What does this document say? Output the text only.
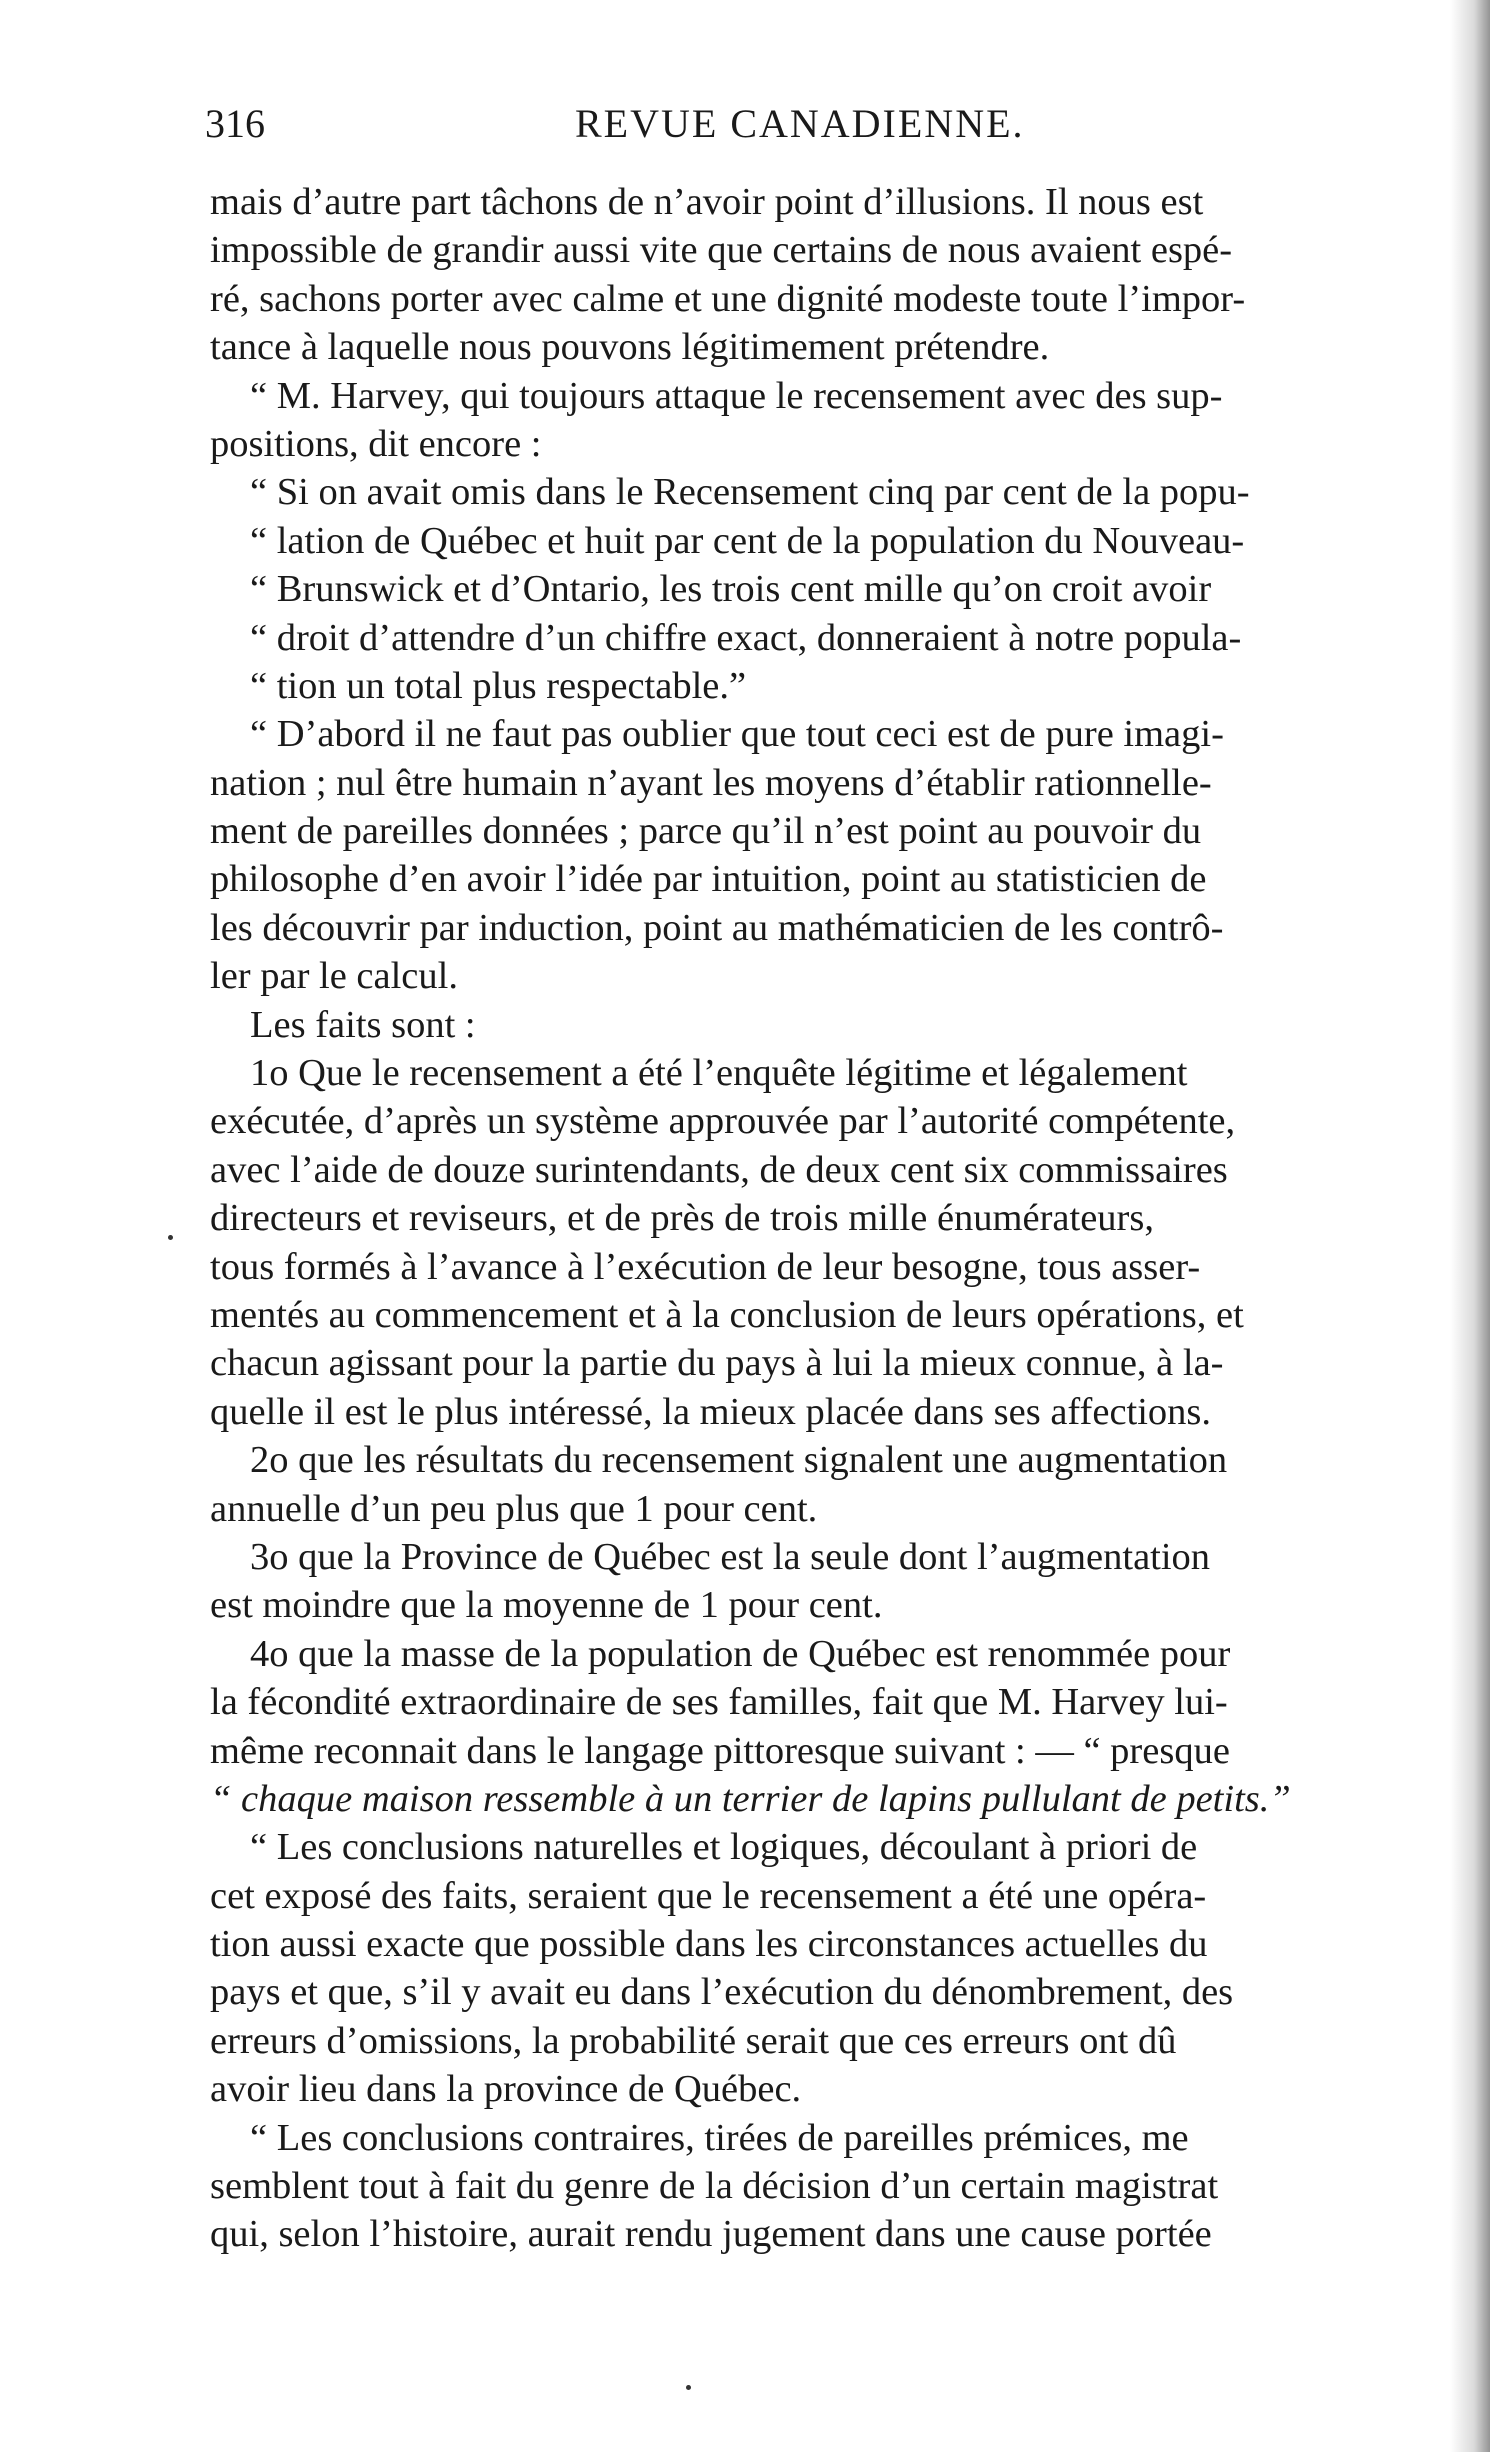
316	REVUE CANADIENNE.
mais d’autre part tâchons de n’avoir point d’illusions. Il nous est
impossible de grandir aussi vite que certains de nous avaient espé-
ré, sachons porter avec calme et une dignité modeste toute l’impor-
tance à laquelle nous pouvons légitimement prétendre.
“ M. Harvey, qui toujours attaque le recensement avec des sup-
positions, dit encore :
“ Si on avait omis dans le Recensement cinq par cent de la popu-
“ lation de Québec et huit par cent de la population du Nouveau-
“ Brunswick et d’Ontario, les trois cent mille qu’on croit avoir
“ droit d’attendre d’un chiffre exact, donneraient à notre popula-
“ tion un total plus respectable.”
“ D’abord il ne faut pas oublier que tout ceci est de pure imagi-
nation ; nul être humain n’ayant les moyens d’établir rationnelle-
ment de pareilles données ; parce qu’il n’est point au pouvoir du
philosophe d’en avoir l’idée par intuition, point au statisticien de
les découvrir par induction, point au mathématicien de les contrô-
ler par le calcul.
Les faits sont :
1o Que le recensement a été l’enquête légitime et légalement
exécutée, d’après un système approuvée par l’autorité compétente,
avec l’aide de douze surintendants, de deux cent six commissaires
directeurs et reviseurs, et de près de trois mille énumérateurs,
tous formés à l’avance à l’exécution de leur besogne, tous asser-
mentés au commencement et à la conclusion de leurs opérations, et
chacun agissant pour la partie du pays à lui la mieux connue, à la-
quelle il est le plus intéressé, la mieux placée dans ses affections.
2o que les résultats du recensement signalent une augmentation
annuelle d’un peu plus que 1 pour cent.
3o que la Province de Québec est la seule dont l’augmentation
est moindre que la moyenne de 1 pour cent.
4o que la masse de la population de Québec est renommée pour
la fécondité extraordinaire de ses familles, fait que M. Harvey lui-
même reconnait dans le langage pittoresque suivant : — “ presque
“ chaque maison ressemble à un terrier de lapins pullulant de petits.”
“ Les conclusions naturelles et logiques, découlant à priori de
cet exposé des faits, seraient que le recensement a été une opéra-
tion aussi exacte que possible dans les circonstances actuelles du
pays et que, s’il y avait eu dans l’exécution du dénombrement, des
erreurs d’omissions, la probabilité serait que ces erreurs ont dû
avoir lieu dans la province de Québec.
“ Les conclusions contraires, tirées de pareilles prémices, me
semblent tout à fait du genre de la décision d’un certain magistrat
qui, selon l’histoire, aurait rendu jugement dans une cause portée
